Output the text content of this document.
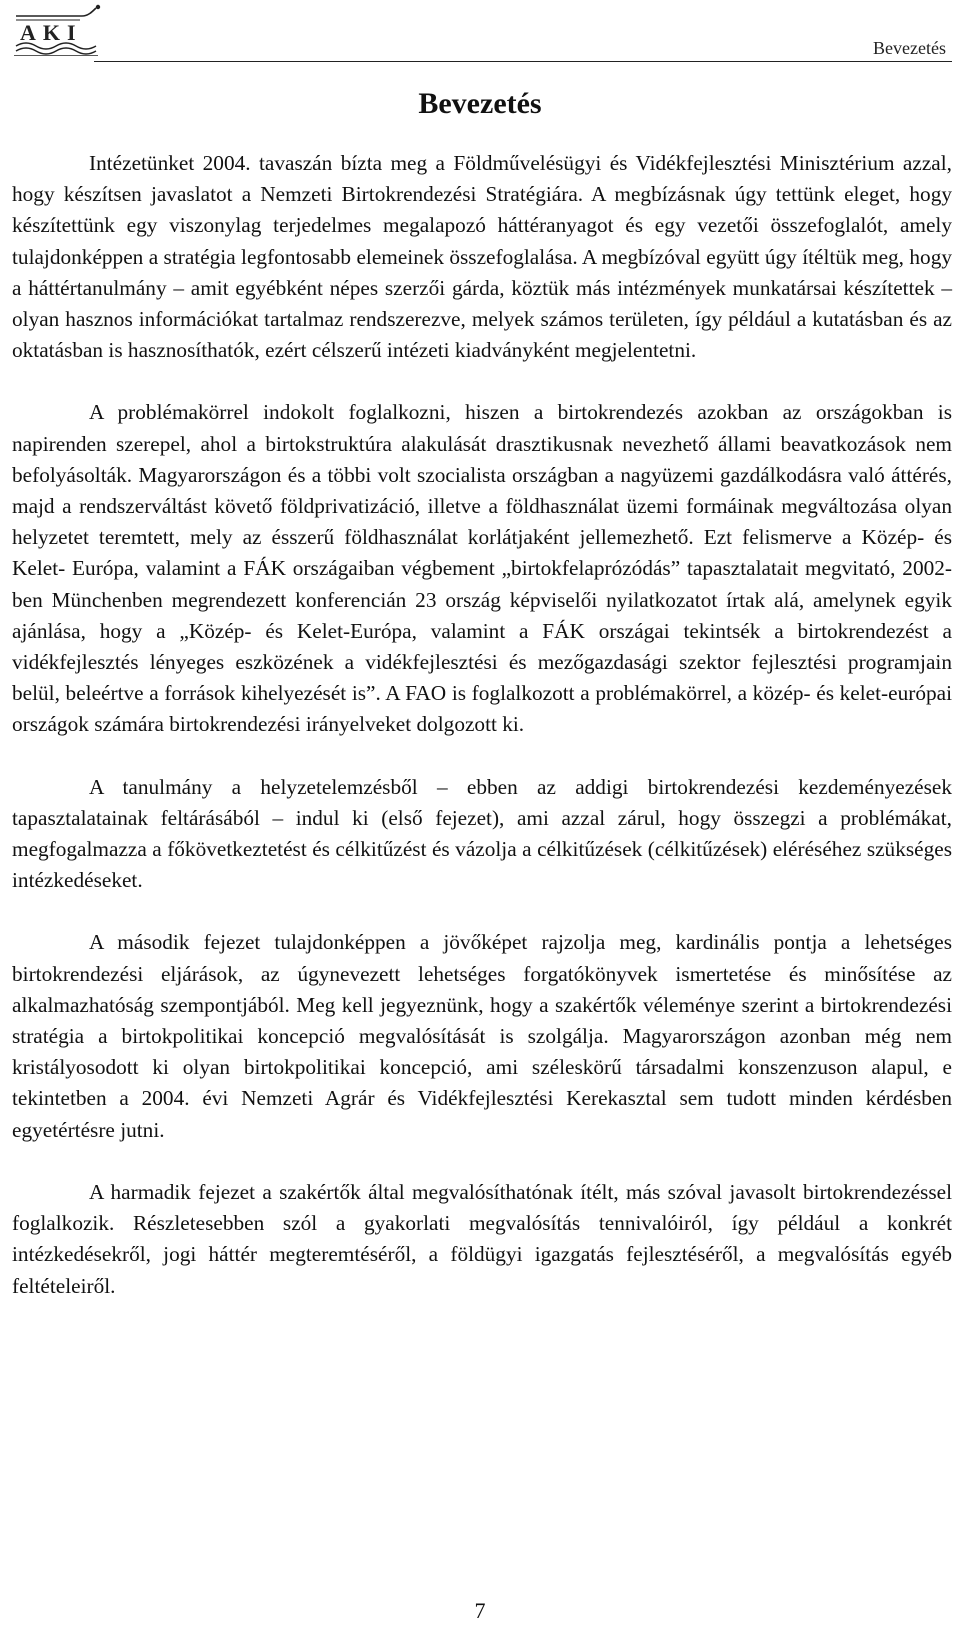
AKI
Bevezetés
Bevezetés

Intézetünket 2004. tavaszán bízta meg a Földművelésügyi és Vidékfejlesztési Minisztérium azzal, hogy készítsen javaslatot a Nemzeti Birtokrendezési Stratégiára. A megbízásnak úgy tettünk eleget, hogy készítettünk egy viszonylag terjedelmes megalapozó háttéranyagot és egy vezetői összefoglalót, amely tulajdonképpen a stratégia legfontosabb elemeinek összefoglalása. A megbízóval együtt úgy ítéltük meg, hogy a háttértanulmány – amit egyébként népes szerzői gárda, köztük más intézmények munkatársai készítettek – olyan hasznos információkat tartalmaz rendszerezve, melyek számos területen, így például a kutatásban és az oktatásban is hasznosíthatók, ezért célszerű intézeti kiadványként megjelentetni.

A problémakörrel indokolt foglalkozni, hiszen a birtokrendezés azokban az országokban is napirenden szerepel, ahol a birtokstruktúra alakulását drasztikusnak nevezhető állami beavatkozások nem befolyásolták. Magyarországon és a többi volt szocialista országban a nagyüzemi gazdálkodásra való áttérés, majd a rendszerváltást követő földprivatizáció, illetve a földhasználat üzemi formáinak megváltozása olyan helyzetet teremtett, mely az ésszerű földhasználat korlátjaként jellemezhető. Ezt felismerve a Közép- és Kelet- Európa, valamint a FÁK országaiban végbement „birtokfelaprózódás” tapasztalatait megvitató, 2002-ben Münchenben megrendezett konferencián 23 ország képviselői nyilatkozatot írtak alá, amelynek egyik ajánlása, hogy a „Közép- és Kelet-Európa, valamint a FÁK országai tekintsék a birtokrendezést a vidékfejlesztés lényeges eszközének a vidékfejlesztési és mezőgazdasági szektor fejlesztési programjain belül, beleértve a források kihelyezését is”. A FAO is foglalkozott a problémakörrel, a közép- és kelet-európai országok számára birtokrendezési irányelveket dolgozott ki.

A tanulmány a helyzetelemzésből – ebben az addigi birtokrendezési kezdeményezések tapasztalatainak feltárásából – indul ki (első fejezet), ami azzal zárul, hogy összegzi a problémákat, megfogalmazza a főkövetkeztetést és célkitűzést és vázolja a célkitűzések (célkitűzések) eléréséhez szükséges intézkedéseket.

A második fejezet tulajdonképpen a jövőképet rajzolja meg, kardinális pontja a lehetséges birtokrendezési eljárások, az úgynevezett lehetséges forgatókönyvek ismertetése és minősítése az alkalmazhatóság szempontjából. Meg kell jegyeznünk, hogy a szakértők véleménye szerint a birtokrendezési stratégia a birtokpolitikai koncepció megvalósítását is szolgálja. Magyarországon azonban még nem kristályosodott ki olyan birtokpolitikai koncepció, ami széleskörű társadalmi konszenzuson alapul, e tekintetben a 2004. évi Nemzeti Agrár és Vidékfejlesztési Kerekasztal sem tudott minden kérdésben egyetértésre jutni.

A harmadik fejezet a szakértők által megvalósíthatónak ítélt, más szóval javasolt birtokrendezéssel foglalkozik. Részletesebben szól a gyakorlati megvalósítás tennivalóiról, így például a konkrét intézkedésekről, jogi háttér megteremtéséről, a földügyi igazgatás fejlesztéséről, a megvalósítás egyéb feltételeiről.

7
